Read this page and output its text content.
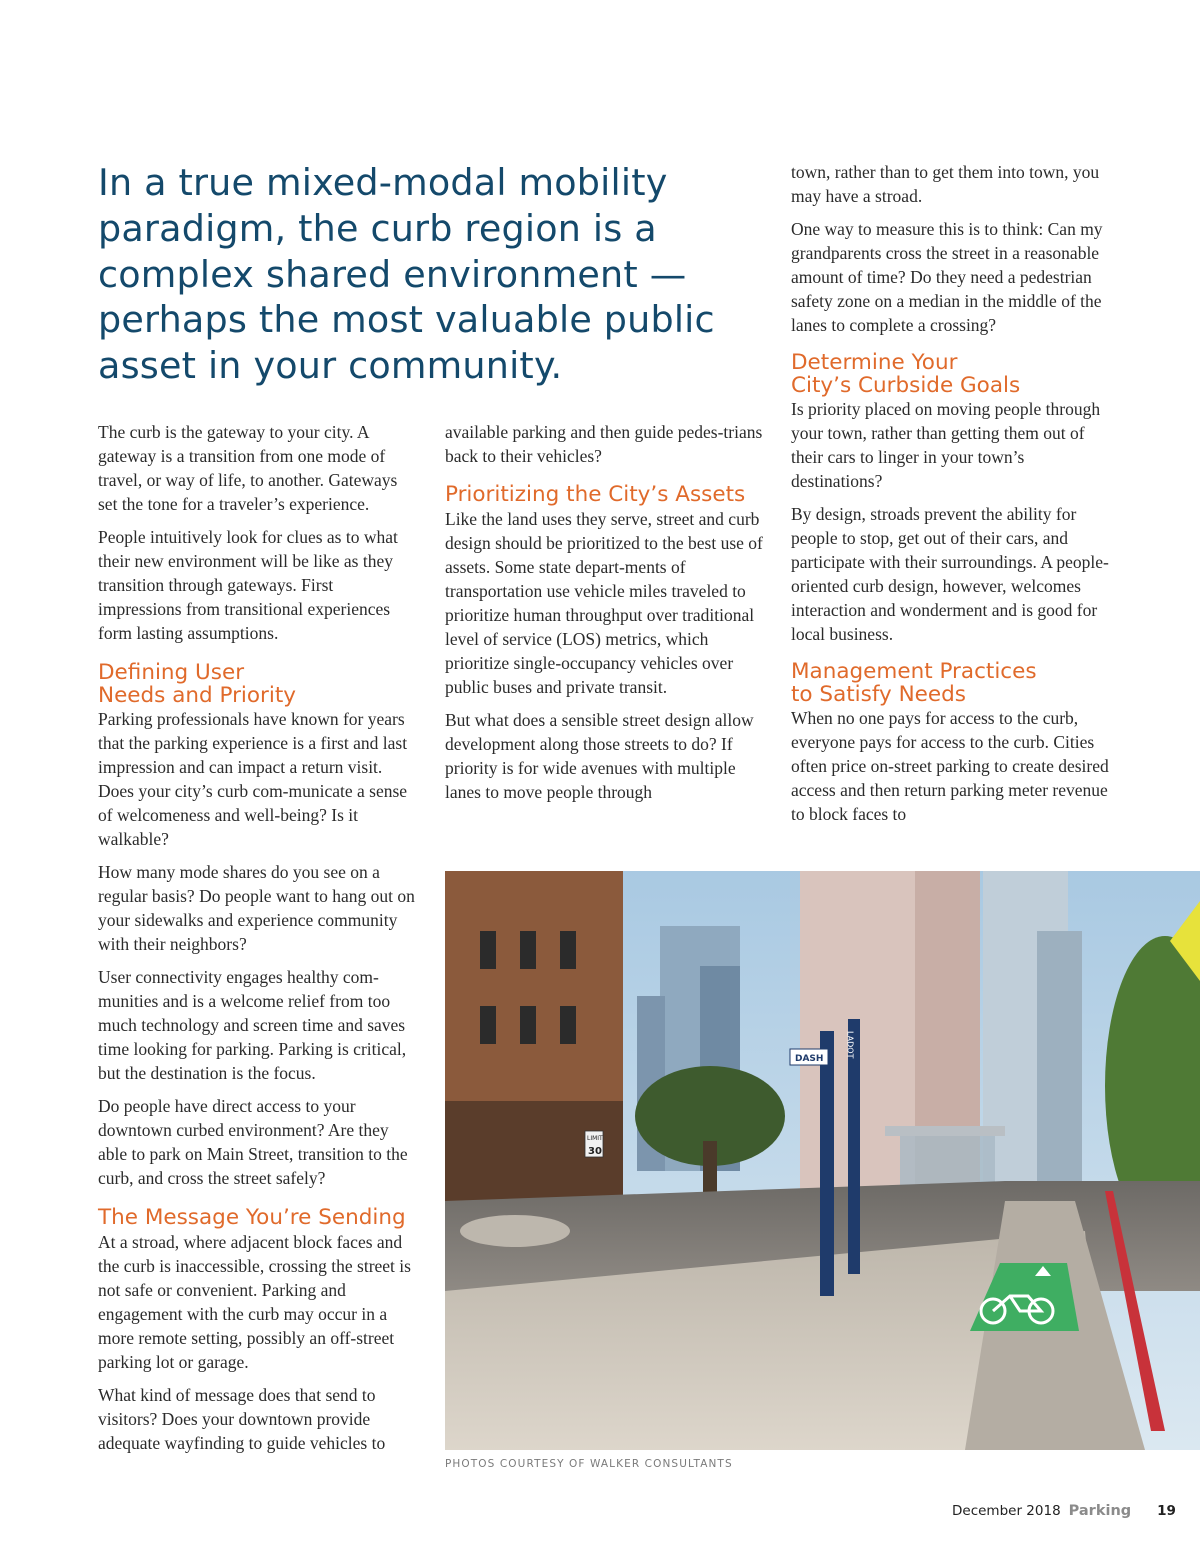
In a true mixed-modal mobility paradigm, the curb region is a complex shared environment — perhaps the most valuable public asset in your community.

The curb is the gateway to your city. A gateway is a transition from one mode of travel, or way of life, to another. Gateways set the tone for a traveler’s experience.

People intuitively look for clues as to what their new environment will be like as they transition through gateways. First impressions from transitional experiences form lasting assumptions.

Defining User
Needs and Priority

Parking professionals have known for years that the parking experience is a first and last impression and can impact a return visit. Does your city’s curb com-municate a sense of welcomeness and well-being? Is it walkable?

How many mode shares do you see on a regular basis? Do people want to hang out on your sidewalks and experience community with their neighbors?

User connectivity engages healthy com-munities and is a welcome relief from too much technology and screen time and saves time looking for parking. Parking is critical, but the destination is the focus.

Do people have direct access to your downtown curbed environment? Are they able to park on Main Street, transition to the curb, and cross the street safely?

The Message You’re Sending

At a stroad, where adjacent block faces and the curb is inaccessible, crossing the street is not safe or convenient. Parking and engagement with the curb may occur in a more remote setting, possibly an off-street parking lot or garage.

What kind of message does that send to visitors? Does your downtown provide adequate wayfinding to guide vehicles to

available parking and then guide pedes-trians back to their vehicles?

Prioritizing the City’s Assets

Like the land uses they serve, street and curb design should be prioritized to the best use of assets. Some state depart-ments of transportation use vehicle miles traveled to prioritize human throughput over traditional level of service (LOS) metrics, which prioritize single-occupancy vehicles over public buses and private transit.

But what does a sensible street design allow development along those streets to do? If priority is for wide avenues with multiple lanes to move people through

town, rather than to get them into town, you may have a stroad.

One way to measure this is to think: Can my grandparents cross the street in a reasonable amount of time? Do they need a pedestrian safety zone on a median in the middle of the lanes to complete a crossing?

Determine Your
City’s Curbside Goals

Is priority placed on moving people through your town, rather than getting them out of their cars to linger in your town’s destinations?

By design, stroads prevent the ability for people to stop, get out of their cars, and participate with their surroundings. A people-oriented curb design, however, welcomes interaction and wonderment and is good for local business.

Management Practices
to Satisfy Needs

When no one pays for access to the curb, everyone pays for access to the curb. Cities often price on-street parking to create desired access and then return parking meter revenue to block faces to

DASH
LADOT
LIMIT
30

PHOTOS COURTESY OF WALKER CONSULTANTS

December 2018 Parking 19
